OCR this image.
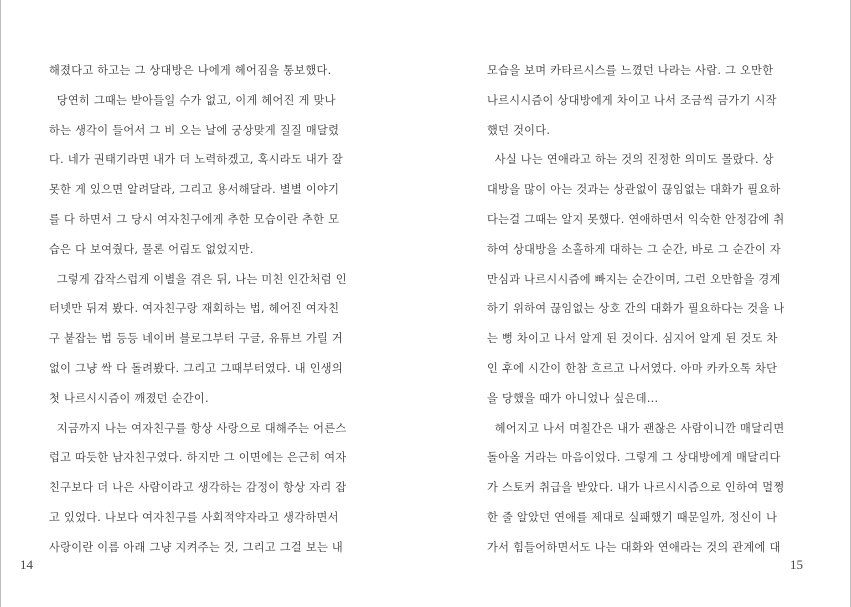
해졌다고 하고는 그 상대방은 나에게 헤어짐을 통보했다.
당연히 그때는 받아들일 수가 없고, 이게 헤어진 게 맞나
하는 생각이 들어서 그 비 오는 날에 궁상맞게 질질 매달렸
다. 네가 권태기라면 내가 더 노력하겠고, 혹시라도 내가 잘
못한 게 있으면 알려달라, 그리고 용서해달라. 별별 이야기
를 다 하면서 그 당시 여자친구에게 추한 모습이란 추한 모
습은 다 보여줬다, 물론 어림도 없었지만.
그렇게 갑작스럽게 이별을 겪은 뒤, 나는 미친 인간처럼 인
터넷만 뒤져 봤다. 여자친구랑 재회하는 법, 헤어진 여자친
구 붙잡는 법 등등 네이버 블로그부터 구글, 유튜브 가릴 거
없이 그냥 싹 다 돌려봤다. 그리고 그때부터였다. 내 인생의
첫 나르시시즘이 깨졌던 순간이.
지금까지 나는 여자친구를 항상 사랑으로 대해주는 어른스
럽고 따듯한 남자친구였다. 하지만 그 이면에는 은근히 여자
친구보다 더 나은 사람이라고 생각하는 감정이 항상 자리 잡
고 있었다. 나보다 여자친구를 사회적약자라고 생각하면서
사랑이란 이름 아래 그냥 지켜주는 것, 그리고 그걸 보는 내
14
모습을 보며 카타르시스를 느꼈던 나라는 사람. 그 오만한
나르시시즘이 상대방에게 차이고 나서 조금씩 금가기 시작
했던 것이다.
사실 나는 연애라고 하는 것의 진정한 의미도 몰랐다. 상
대방을 많이 아는 것과는 상관없이 끊임없는 대화가 필요하
다는걸 그때는 알지 못했다. 연애하면서 익숙한 안정감에 취
하여 상대방을 소홀하게 대하는 그 순간, 바로 그 순간이 자
만심과 나르시시즘에 빠지는 순간이며, 그런 오만함을 경계
하기 위하여 끊임없는 상호 간의 대화가 필요하다는 것을 나
는 뻥 차이고 나서 알게 된 것이다. 심지어 알게 된 것도 차
인 후에 시간이 한참 흐르고 나서였다. 아마 카카오톡 차단
을 당했을 때가 아니었나 싶은데...
헤어지고 나서 며칠간은 내가 괜찮은 사람이니깐 매달리면
돌아올 거라는 마음이었다. 그렇게 그 상대방에게 매달리다
가 스토커 취급을 받았다. 내가 나르시시즘으로 인하여 멀쩡
한 줄 알았던 연애를 제대로 실패했기 때문일까, 정신이 나
가서 힘들어하면서도 나는 대화와 연애라는 것의 관계에 대
15
